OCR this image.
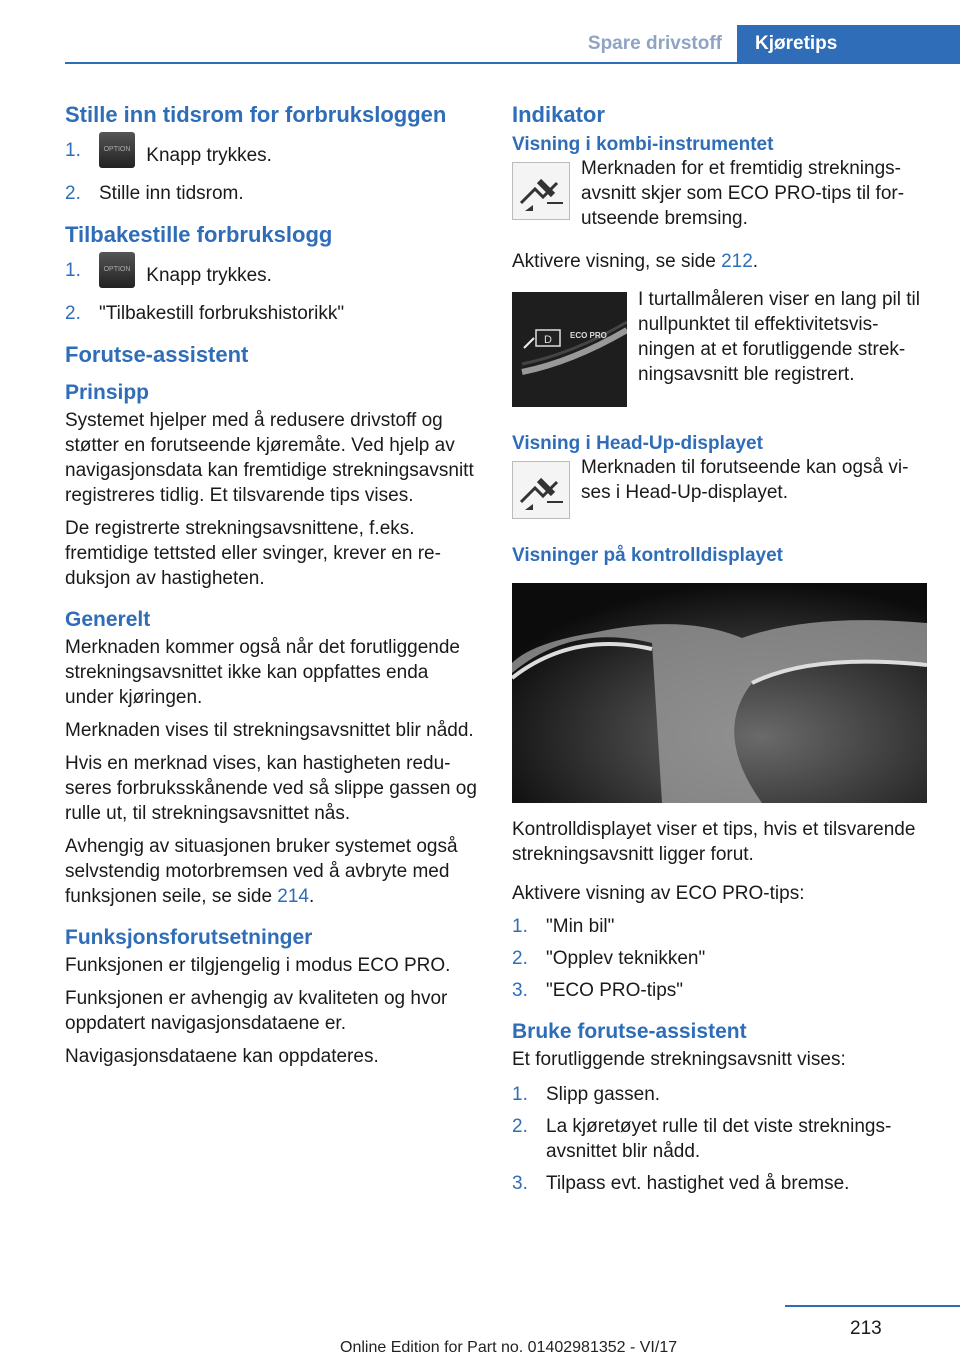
Spare drivstoff	Kjøretips
Stille inn tidsrom for forbruksloggen
1.	OPTION Knapp trykkes.
2. Stille inn tidsrom.
Tilbakestille forbrukslogg
1.	OPTION Knapp trykkes.
2. "Tilbakestill forbrukshistorikk"
Forutse-assistent
Prinsipp

Systemet hjelper med å redusere drivstoff og støtter en forutseende kjøremåte. Ved hjelp av navigasjonsdata kan fremtidige strekningsavsnitt registreres tidlig. Et tilsvarende tips vises.

De registrerte strekningsavsnittene, f.eks. fremtidige tettsted eller svinger, krever en reduksjon av hastigheten.

Generelt

Merknaden kommer også når det forutliggende strekningsavsnittet ikke kan oppfattes enda under kjøringen.

Merknaden vises til strekningsavsnittet blir nådd.

Hvis en merknad vises, kan hastigheten reduseres forbruksskånende ved så slippe gassen og rulle ut, til strekningsavsnittet nås.

Avhengig av situasjonen bruker systemet også selvstendig motorbremsen ved å avbryte med funksjonen seile, se side 214.

Funksjonsforutsetninger

Funksjonen er tilgjengelig i modus ECO PRO.

Funksjonen er avhengig av kvaliteten og hvor oppdatert navigasjonsdataene er.

Navigasjonsdataene kan oppdateres.

Indikator
Visning i kombi-instrumentet

Merknaden for et fremtidig strekningsavsnitt skjer som ECO PRO-tips til forutseende bremsing.

Aktivere visning, se side 212.

D ECO PRO

I turtallmåleren viser en lang pil til nullpunktet til effektivitetsvisningen at et forutliggende strekningsavsnitt ble registrert.

Visning i Head-Up-displayet

Merknaden til forutseende kan også vises i Head-Up-displayet.

Visninger på kontrolldisplayet

Kontrolldisplayet viser et tips, hvis et tilsvarende strekningsavsnitt ligger forut.

Aktivere visning av ECO PRO-tips:

1. "Min bil"
2. "Opplev teknikken"
3. "ECO PRO-tips"
Bruke forutse-assistent

Et forutliggende strekningsavsnitt vises:

1. Slipp gassen.
2. La kjøretøyet rulle til det viste strekningsavsnittet blir nådd.
3. Tilpass evt. hastighet ved å bremse.
213
Online Edition for Part no. 01402981352 - VI/17
